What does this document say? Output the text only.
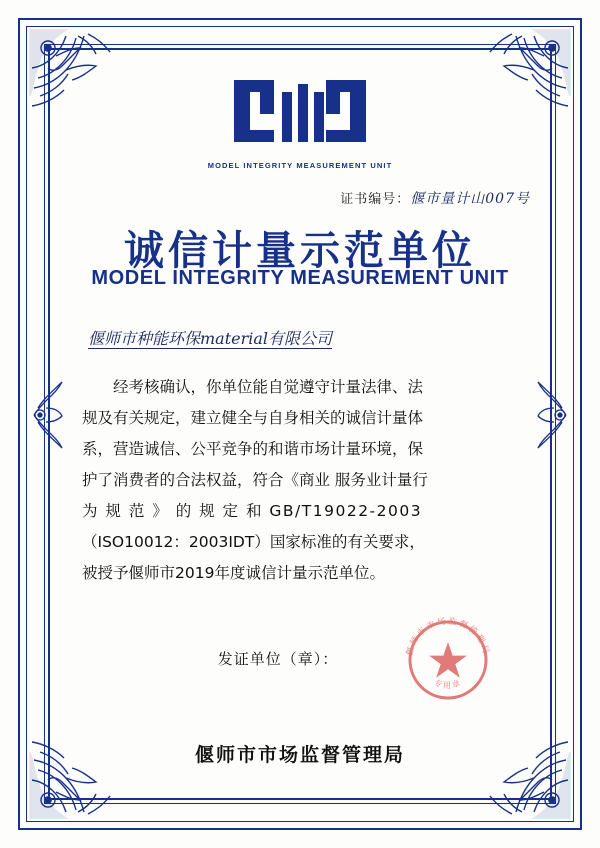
MODEL INTEGRITY MEASUREMENT UNIT
证书编号：偃市量计山007号
诚信计量示范单位
MODEL INTEGRITY MEASUREMENT UNIT
偃师市种能环保material有限公司

经考核确认，你单位能自觉遵守计量法律、法

规及有关规定，建立健全与自身相关的诚信计量体

系，营造诚信、公平竞争的和谐市场计量环境，保

护了消费者的合法权益，符合《商业 服务业计量行

为 规 范 》 的 规 定 和 GB/T19022-2003

（ISO10012：2003IDT）国家标准的有关要求，

被授予偃师市2019年度诚信计量示范单位。

发证单位（章）：	偃师市市场监督管理局
专用章
偃师市市场监督管理局
